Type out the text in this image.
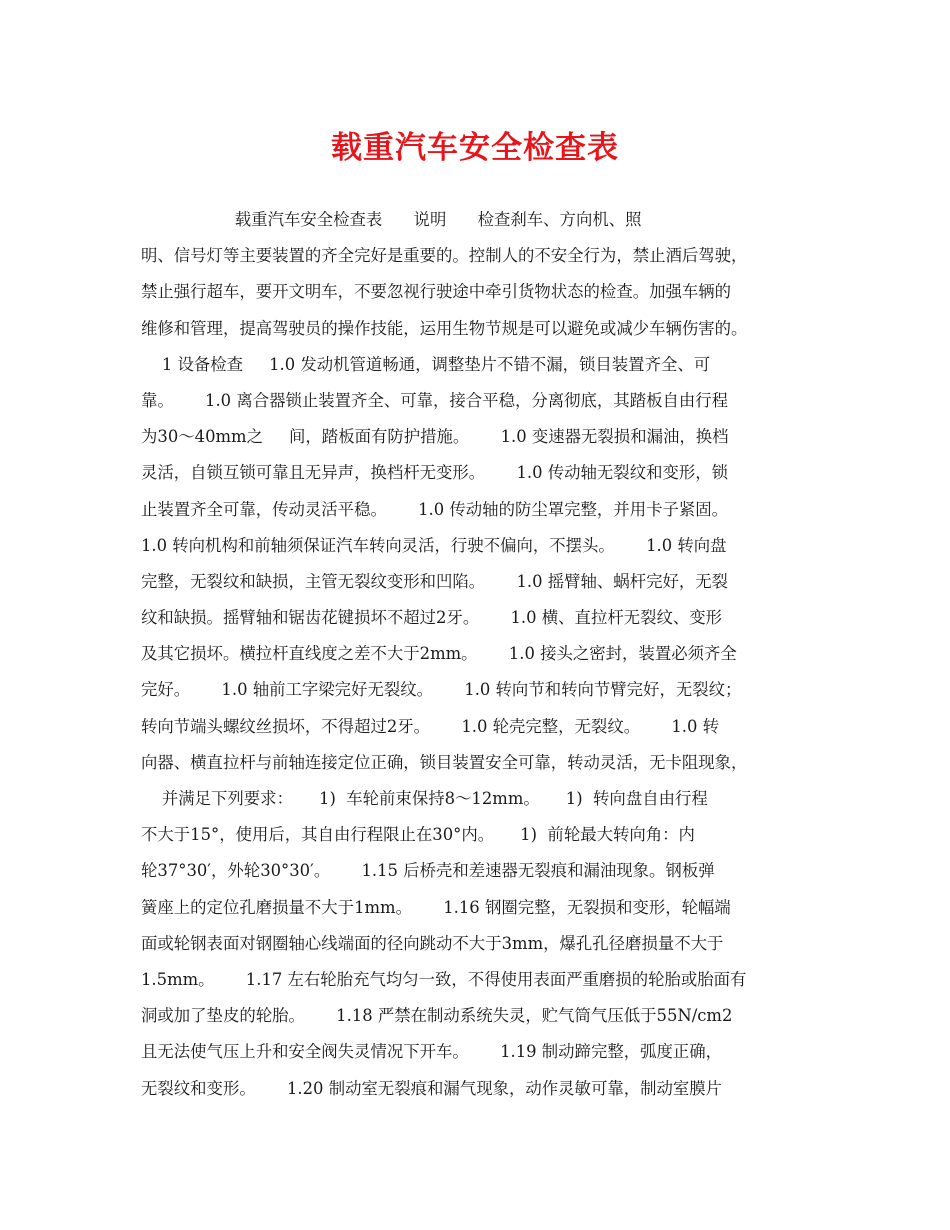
载重汽车安全检查表
载重汽车安全检查表      说明      检查刹车、方向机、照
明、信号灯等主要装置的齐全完好是重要的。控制人的不安全行为，禁止酒后驾驶，
禁止强行超车，要开文明车，不要忽视行驶途中牵引货物状态的检查。加强车辆的
维修和管理，提高驾驶员的操作技能，运用生物节规是可以避免或减少车辆伤害的。
1 设备检查     1.0 发动机管道畅通，调整垫片不错不漏，锁目装置齐全、可
靠。      1.0 离合器锁止装置齐全、可靠，接合平稳，分离彻底，其踏板自由行程
为30～40mm之     间，踏板面有防护措施。      1.0 变速器无裂损和漏油，换档
灵活，自锁互锁可靠且无异声，换档杆无变形。      1.0 传动轴无裂纹和变形，锁
止装置齐全可靠，传动灵活平稳。      1.0 传动轴的防尘罩完整，并用卡子紧固。
1.0 转向机构和前轴须保证汽车转向灵活，行驶不偏向，不摆头。      1.0 转向盘
完整，无裂纹和缺损，主管无裂纹变形和凹陷。      1.0 摇臂轴、蜗杆完好，无裂
纹和缺损。摇臂轴和锯齿花键损坏不超过2牙。      1.0 横、直拉杆无裂纹、变形
及其它损坏。横拉杆直线度之差不大于2mm。      1.0 接头之密封，装置必须齐全
完好。      1.0 轴前工字梁完好无裂纹。      1.0 转向节和转向节臂完好，无裂纹；
转向节端头螺纹丝损坏，不得超过2牙。      1.0 轮壳完整，无裂纹。      1.0 转
向器、横直拉杆与前轴连接定位正确，锁目装置安全可靠，转动灵活，无卡阻现象，
并满足下列要求：     1)  车轮前束保持8～12mm。     1)  转向盘自由行程
不大于15°，使用后，其自由行程限止在30°内。     1)  前轮最大转向角：内
轮37°30′，外轮30°30′。      1.15 后桥壳和差速器无裂痕和漏油现象。钢板弹
簧座上的定位孔磨损量不大于1mm。      1.16 钢圈完整，无裂损和变形，轮幅端
面或轮钢表面对钢圈轴心线端面的径向跳动不大于3mm，爆孔孔径磨损量不大于
1.5mm。      1.17 左右轮胎充气均匀一致，不得使用表面严重磨损的轮胎或胎面有
洞或加了垫皮的轮胎。      1.18 严禁在制动系统失灵，贮气筒气压低于55N/cm2
且无法使气压上升和安全阀失灵情况下开车。      1.19 制动蹄完整，弧度正确，
无裂纹和变形。      1.20 制动室无裂痕和漏气现象，动作灵敏可靠，制动室膜片
